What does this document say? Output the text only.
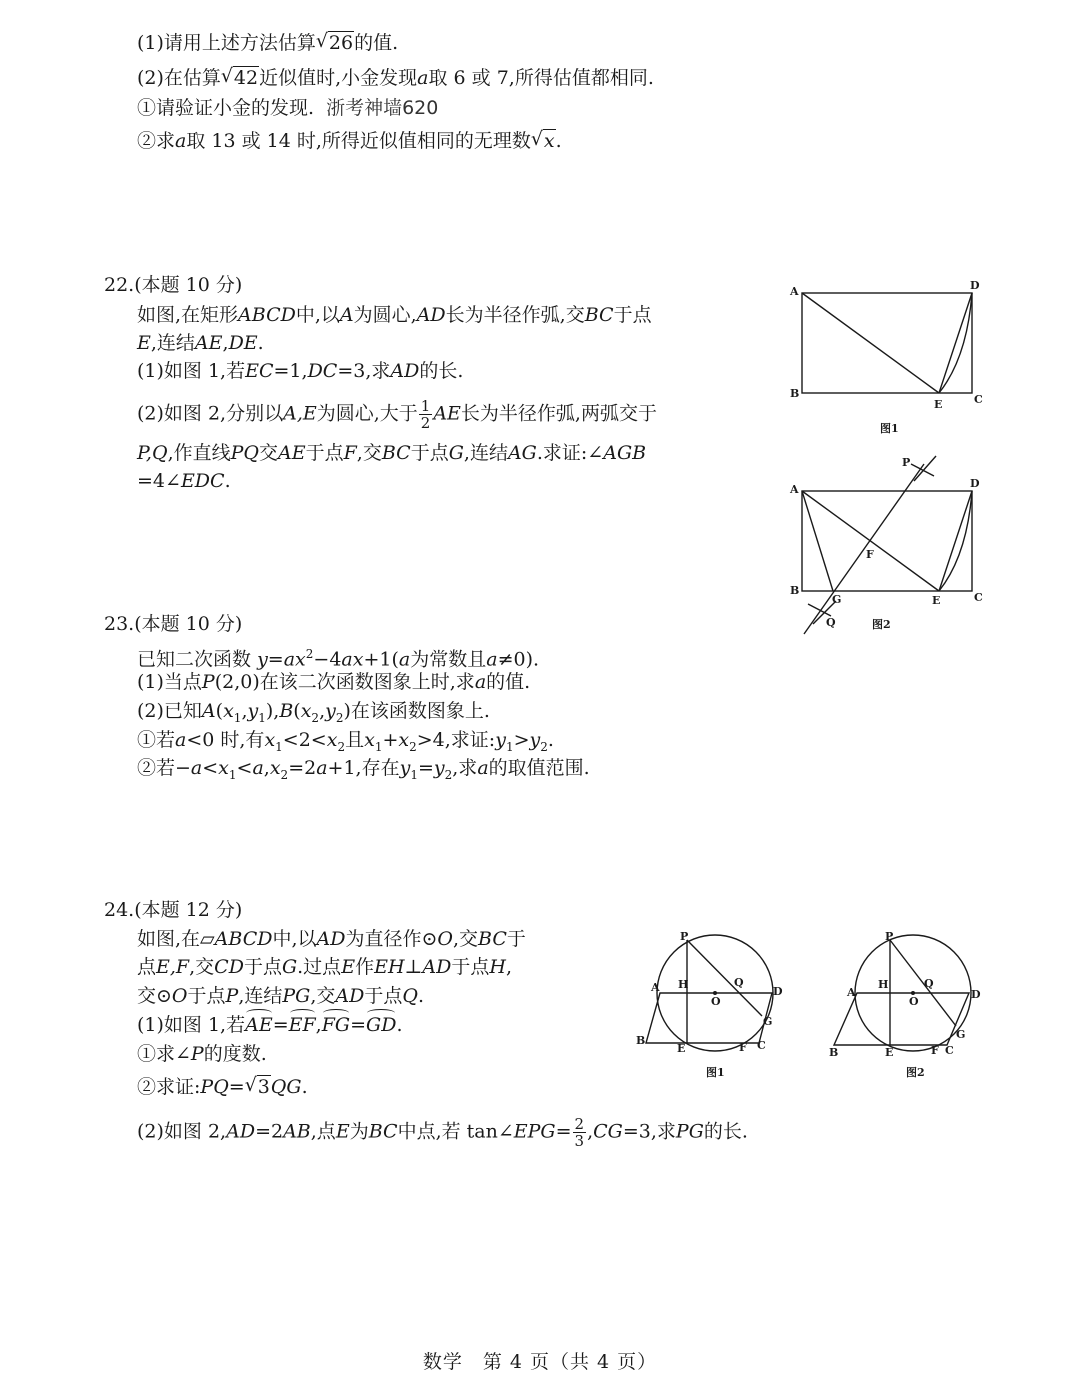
(1)请用上述方法估算 √ 26的值.
(2)在估算 √ 42近似值时,小金发现a取 6 或 7,所得估值都相同.
①请验证小金的发现. 浙考神墙620
②求a取 13 或 14 时,所得近似值相同的无理数 √ x.
22.(本题 10 分)
如图,在矩形ABCD中,以A为圆心,AD长为半径作弧,交BC于点
E,连结AE,DE.
(1)如图 1,若EC=1,DC=3,求AD的长.
(2)如图 2,分别以A,E为圆心,大于 $\frac{1}{2}$ AE长为半径作弧,两弧交于
P,Q,作直线PQ交AE于点F,交BC于点G,连结AG.求证:∠AGB
=4∠EDC.
A	D
B
E	C
图1
P
A	D
F
B
G	E	C
Q	图2
23.(本题 10 分)
已知二次函数 $y=ax^2-4ax+1(a$为常数且a≠0).
(1)当点P(2,0)在该二次函数图象上时,求a的值.
(2)已知$A(x_1,y_1),B(x_2,y_2)$在该函数图象上.
①若a<0 时,有$x_1<2<x_2$且$x_1+x_2>4$,求证$:y_1>y_2$.
②若$-a<x_1<a,x_2=2a+1$,存在$y_1=y_2$,求a的取值范围.
24.(本题 12 分)
如图,在▱ABCD中,以AD为直径作⊙O,交BC于
点E,F,交CD于点G.过点E作EH⊥AD于点H,
交⊙O于点P,连结PG,交AD于点Q.
(1)如图 1,若AE=EF,FG=GD.
①求∠P的度数.
②求证:PQ= √ 3QG.
(2)如图 2,AD=2AB,点E为BC中点,若 tan∠EPG= $\frac{2}{3} ,CG=3$,求PG的长.
P
H
A
O
Q
D
G
B
E	F C
图1
P
H
A
O
Q
D
G
B	E	F C
图2
数学　第 4 页（共 4 页）
